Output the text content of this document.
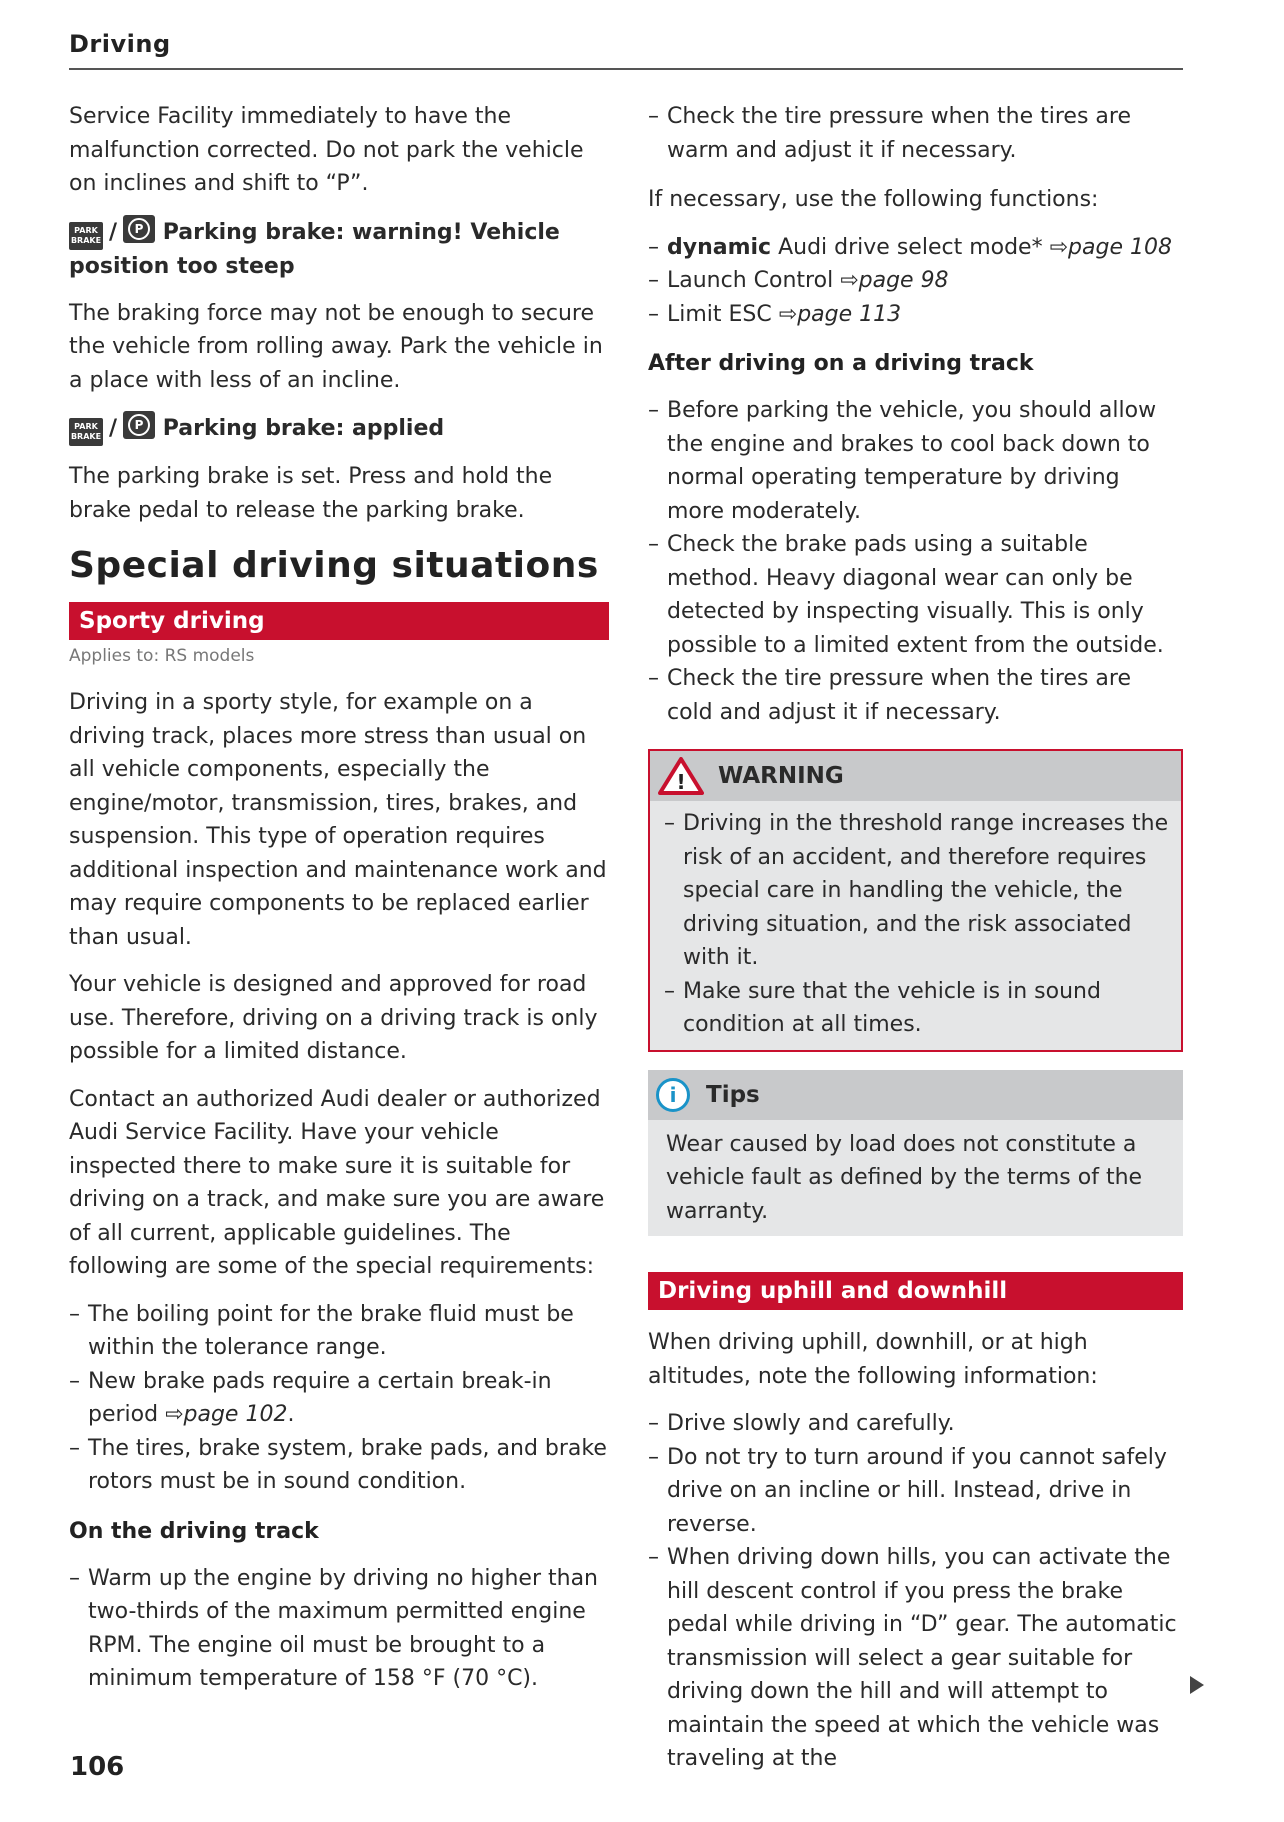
Driving

Service Facility immediately to have the malfunction corrected. Do not park the vehicle on inclines and shift to “P”.

PARK BRAKE /	P Parking brake: warning! Vehicle position too steep

The braking force may not be enough to secure the vehicle from rolling away. Park the vehicle in a place with less of an incline.

PARK BRAKE /	P Parking brake: applied

The parking brake is set. Press and hold the brake pedal to release the parking brake.

Special driving situations
Sporty driving
Applies to: RS models

Driving in a sporty style, for example on a driving track, places more stress than usual on all vehicle components, especially the engine/motor, transmission, tires, brakes, and suspension. This type of operation requires additional inspection and maintenance work and may require components to be replaced earlier than usual.

Your vehicle is designed and approved for road use. Therefore, driving on a driving track is only possible for a limited distance.

Contact an authorized Audi dealer or authorized Audi Service Facility. Have your vehicle inspected there to make sure it is suitable for driving on a track, and make sure you are aware of all current, applicable guidelines. The following are some of the special requirements:

– The boiling point for the brake fluid must be within the tolerance range.
– New brake pads require a certain break-in period ⇨page 102.
– The tires, brake system, brake pads, and brake rotors must be in sound condition.
On the driving track
– Warm up the engine by driving no higher than two-thirds of the maximum permitted engine RPM. The engine oil must be brought to a minimum temperature of 158 °F (70 °C).
– Check the tire pressure when the tires are warm and adjust it if necessary.

If necessary, use the following functions:

– dynamic Audi drive select mode* ⇨page 108
– Launch Control ⇨page 98
– Limit ESC ⇨page 113
After driving on a driving track
– Before parking the vehicle, you should allow the engine and brakes to cool back down to normal operating temperature by driving more moderately.
– Check the brake pads using a suitable method. Heavy diagonal wear can only be detected by inspecting visually. This is only possible to a limited extent from the outside.
– Check the tire pressure when the tires are cold and adjust it if necessary.
! WARNING
– Driving in the threshold range increases the risk of an accident, and therefore requires special care in handling the vehicle, the driving situation, and the risk associated with it.
– Make sure that the vehicle is in sound condition at all times.
i	Tips
Wear caused by load does not constitute a vehicle fault as defined by the terms of the warranty.
Driving uphill and downhill

When driving uphill, downhill, or at high altitudes, note the following information:

– Drive slowly and carefully.
– Do not try to turn around if you cannot safely drive on an incline or hill. Instead, drive in reverse.
– When driving down hills, you can activate the hill descent control if you press the brake pedal while driving in “D” gear. The automatic transmission will select a gear suitable for driving down the hill and will attempt to maintain the speed at which the vehicle was traveling at the
106
